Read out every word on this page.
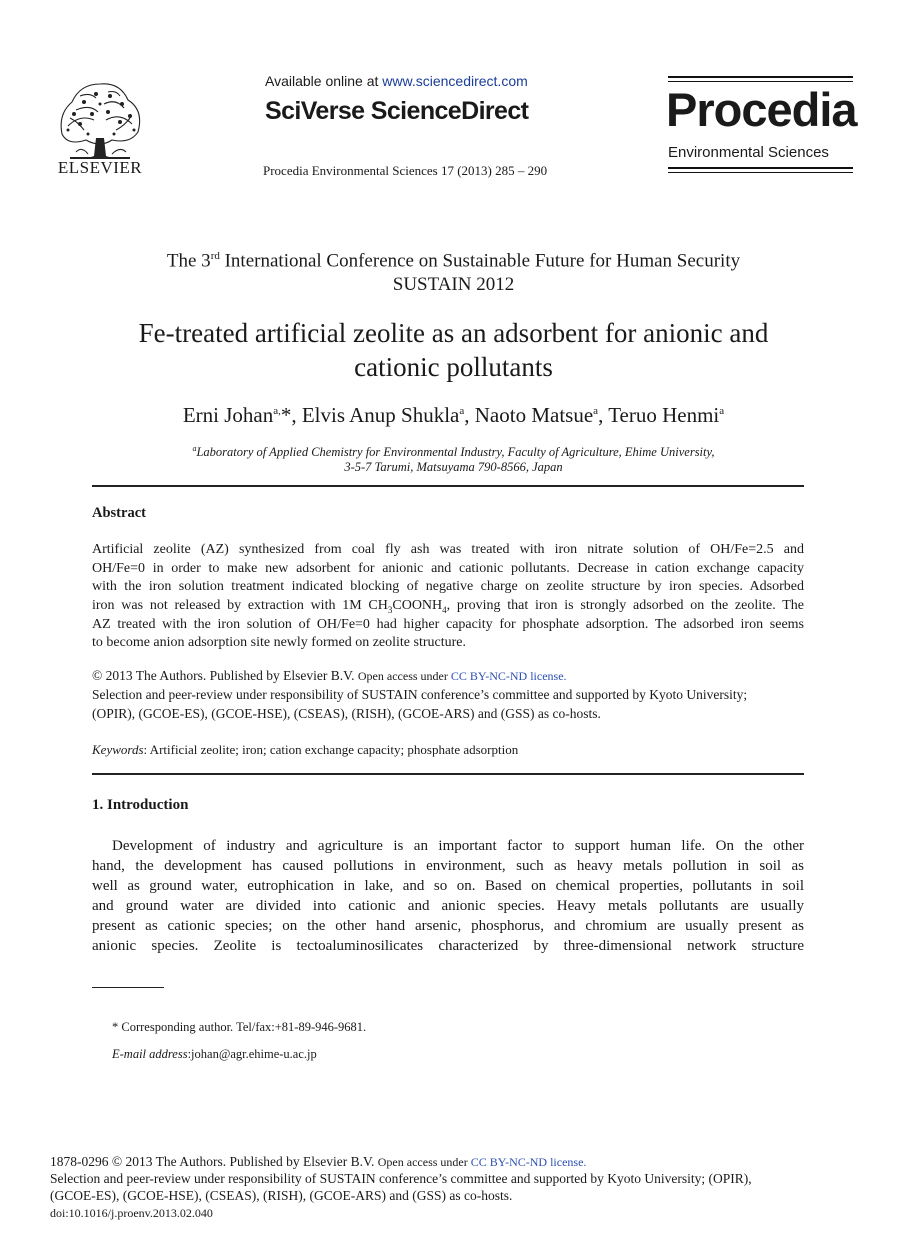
ELSEVIER
Available online at www.sciencedirect.com
SciVerse ScienceDirect
Procedia Environmental Sciences 17 (2013) 285 – 290
Procedia
Environmental Sciences
The 3rd International Conference on Sustainable Future for Human Security
SUSTAIN 2012
Fe-treated artificial zeolite as an adsorbent for anionic and
cationic pollutants
Erni Johan$^{a,}$*, Elvis Anup Shukla$^a$, Naoto Matsue$^a$, Teruo Henmi$^a$
$^a$Laboratory of Applied Chemistry for Environmental Industry, Faculty of Agriculture, Ehime University,
3-5-7 Tarumi, Matsuyama 790-8566, Japan
Abstract
Artificial zeolite (AZ) synthesized from coal fly ash was treated with iron nitrate solution of OH/Fe=2.5 and
OH/Fe=0 in order to make new adsorbent for anionic and cationic pollutants. Decrease in cation exchange capacity
with the iron solution treatment indicated blocking of negative charge on zeolite structure by iron species. Adsorbed
iron was not released by extraction with 1M $CH_3COONH_4$, proving that iron is strongly adsorbed on the zeolite. The
AZ treated with the iron solution of OH/Fe=0 had higher capacity for phosphate adsorption. The adsorbed iron seems
to become anion adsorption site newly formed on zeolite structure.
© 2013 The Authors. Published by Elsevier B.V. Open access under CC BY-NC-ND license.
Selection and peer-review under responsibility of SUSTAIN conference’s committee and supported by Kyoto University;
(OPIR), (GCOE-ES), (GCOE-HSE), (CSEAS), (RISH), (GCOE-ARS) and (GSS) as co-hosts.
Keywords: Artificial zeolite; iron; cation exchange capacity; phosphate adsorption
1. Introduction
Development of industry and agriculture is an important factor to support human life. On the other
hand, the development has caused pollutions in environment, such as heavy metals pollution in soil as
well as ground water, eutrophication in lake, and so on. Based on chemical properties, pollutants in soil
and ground water are divided into cationic and anionic species. Heavy metals pollutants are usually
present as cationic species; on the other hand arsenic, phosphorus, and chromium are usually present as
anionic species. Zeolite is tectoaluminosilicates characterized by three-dimensional network structure
* Corresponding author. Tel/fax:+81-89-946-9681.
E-mail address:johan@agr.ehime-u.ac.jp
1878-0296 © 2013 The Authors. Published by Elsevier B.V. Open access under CC BY-NC-ND license.
Selection and peer-review under responsibility of SUSTAIN conference’s committee and supported by Kyoto University; (OPIR),
(GCOE-ES), (GCOE-HSE), (CSEAS), (RISH), (GCOE-ARS) and (GSS) as co-hosts.
doi:10.1016/j.proenv.2013.02.040
